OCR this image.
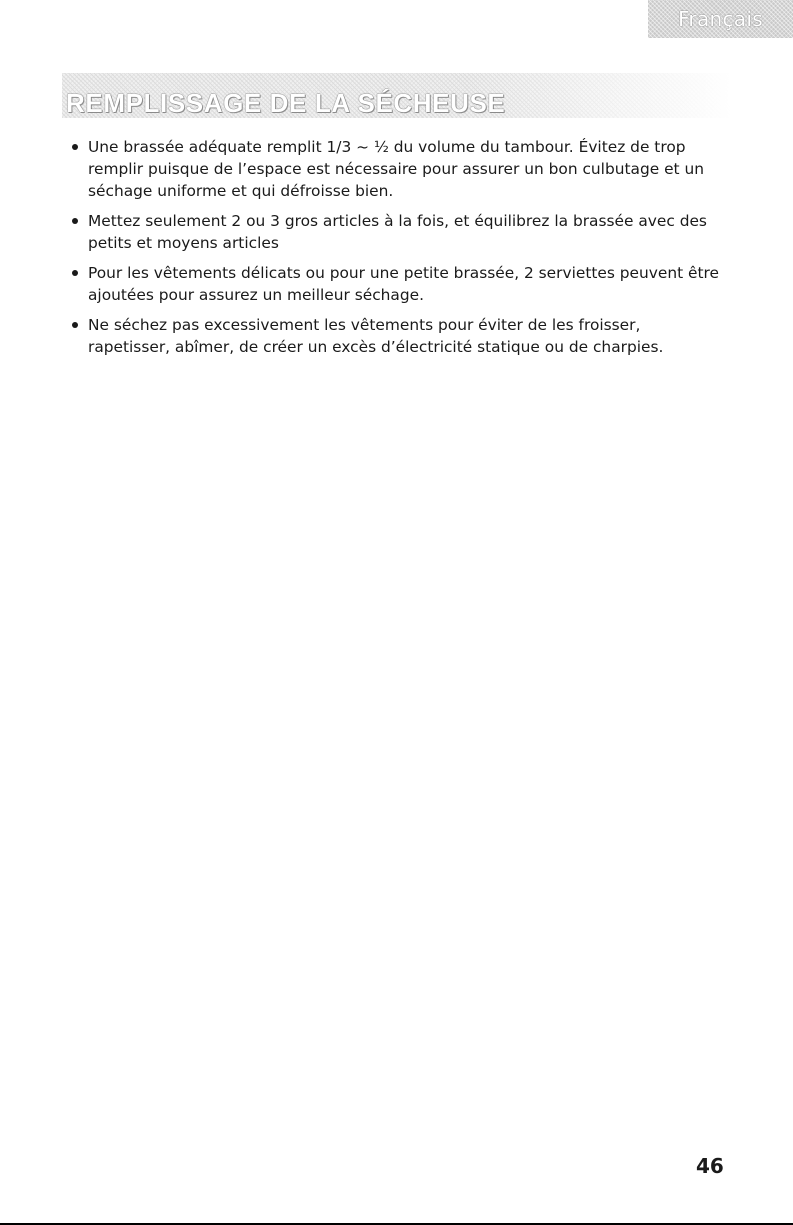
Français
REMPLISSAGE DE LA SÉCHEUSE
Une brassée adéquate remplit 1/3 ~ ½ du volume du tambour. Évitez de trop remplir puisque de l’espace est nécessaire pour assurer un bon culbutage et un séchage uniforme et qui défroisse bien.
Mettez seulement 2 ou 3 gros articles à la fois, et équilibrez la brassée avec des petits et moyens articles
Pour les vêtements délicats ou pour une petite brassée, 2 serviettes peuvent être ajoutées pour assurez un meilleur séchage.
Ne séchez pas excessivement les vêtements pour éviter de les froisser, rapetisser, abîmer, de créer un excès d’électricité statique ou de charpies.
46
